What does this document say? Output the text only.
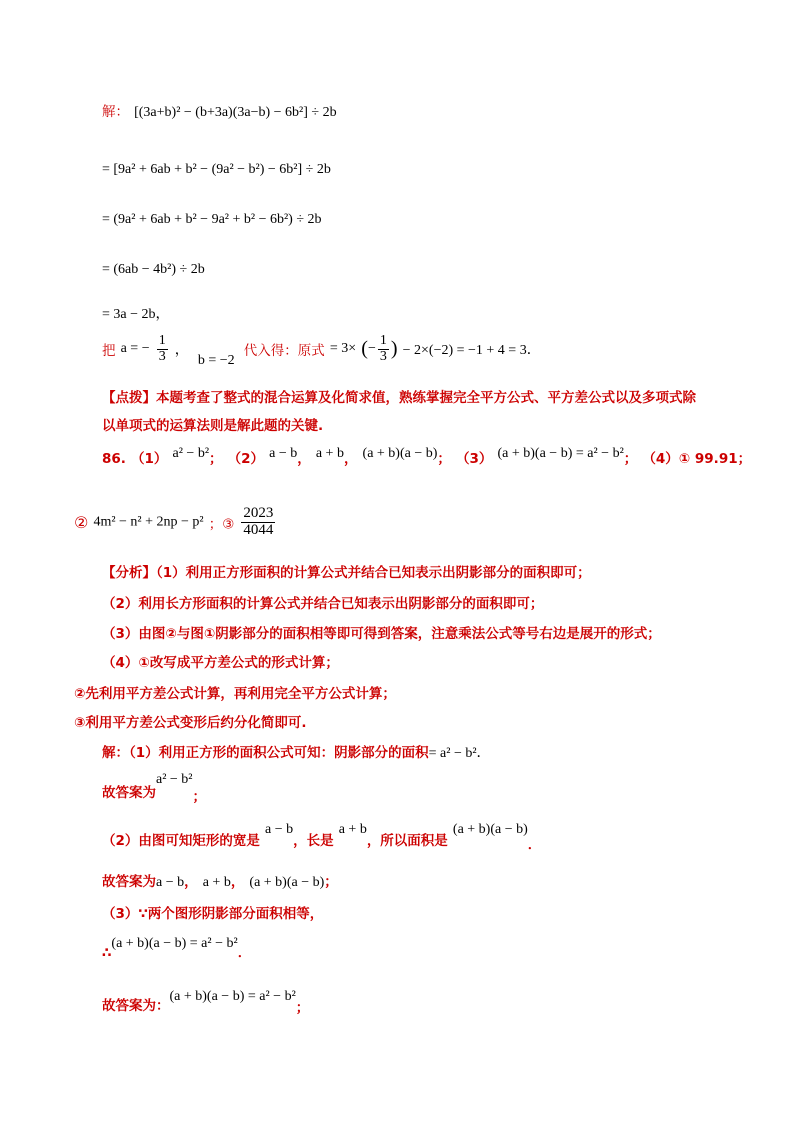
解： [(3a+b)² − (b+3a)(3a−b) − 6b²] ÷ 2b
= [9a² + 6ab + b² − (9a² − b²) − 6b²] ÷ 2b
= (9a² + 6ab + b² − 9a² + b² − 6b²) ÷ 2b
= (6ab − 4b²) ÷ 2b
= 3a − 2b，
把 a = − $\frac{1}{3}$ ， b = −2 代入得：原式 = 3× (− $\frac{1}{3}$ ) − 2×(−2) = −1 + 4 = 3．
【点拨】本题考查了整式的混合运算及化简求值，熟练掌握完全平方公式、平方差公式以及多项式除
以单项式的运算法则是解此题的关键.
86. （1） a² − b²； （2） a − b， a + b， (a + b)(a − b)； （3） (a + b)(a − b) = a² − b²； （4）① 99.91；
② 4m² − n² + 2np − p² ；③ $\frac{2023}{4044}$
【分析】（1）利用正方形面积的计算公式并结合已知表示出阴影部分的面积即可；
（2）利用长方形面积的计算公式并结合已知表示出阴影部分的面积即可；
（3）由图②与图①阴影部分的面积相等即可得到答案，注意乘法公式等号右边是展开的形式；
（4）①改写成平方差公式的形式计算；
②先利用平方差公式计算，再利用完全平方公式计算；
③利用平方差公式变形后约分化简即可.
解：（1）利用正方形的面积公式可知：阴影部分的面积= a² − b²．
$_{故答案为}a^2 - b^2_;$
$_{(2)由图可知矩形的宽是}$ $a - b_{,长是}$ $a + b_{,所以面积是}$ $(a + b)(a - b)_.$
故答案为a − b， a + b， (a + b)(a − b)；
（3）∵两个图形阴影部分面积相等，
$_\therefore(a + b)(a - b) = a^2 - b^2_.$
$_{故答案为:}(a + b)(a - b) = a^2 - b^2_;$
